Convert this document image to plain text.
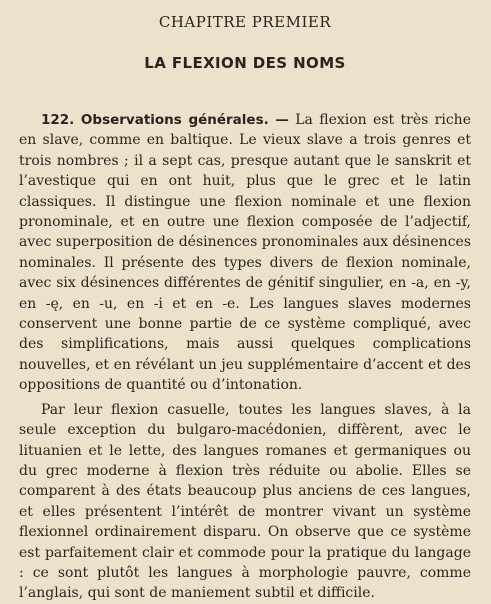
CHAPITRE PREMIER
LA FLEXION DES NOMS

122. Observations générales. — La flexion est très riche en slave, comme en baltique. Le vieux slave a trois genres et trois nombres ; il a sept cas, presque autant que le sanskrit et l’avestique qui en ont huit, plus que le grec et le latin classiques. Il distingue une flexion nominale et une flexion pronominale, et en outre une flexion composée de l’adjectif, avec superposition de désinences pronominales aux désinences nominales. Il présente des types divers de flexion nominale, avec six désinences différentes de génitif singulier, en -a, en -y, en -ę, en -u, en -i et en -e. Les langues slaves modernes conservent une bonne partie de ce système compliqué, avec des simplifications, mais aussi quelques complications nouvelles, et en révélant un jeu supplémentaire d’accent et des oppositions de quantité ou d’intonation.

Par leur flexion casuelle, toutes les langues slaves, à la seule exception du bulgaro-macédonien, diffèrent, avec le lituanien et le lette, des langues romanes et germaniques ou du grec moderne à flexion très réduite ou abolie. Elles se comparent à des états beaucoup plus anciens de ces langues, et elles présentent l’intérêt de montrer vivant un système flexionnel ordinairement disparu. On observe que ce système est parfaitement clair et commode pour la pratique du langage : ce sont plutôt les langues à morphologie pauvre, comme l’anglais, qui sont de maniement subtil et difficile.
